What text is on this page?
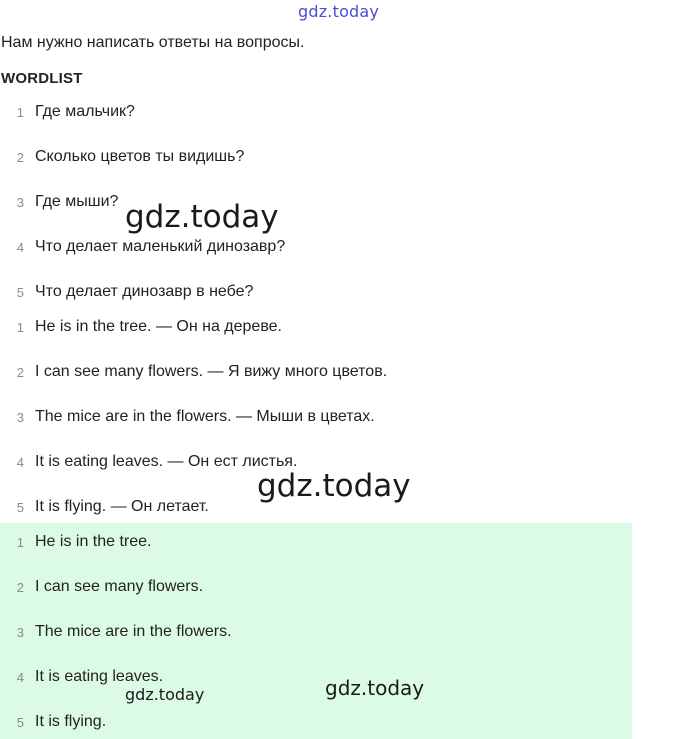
gdz.today
Нам нужно написать ответы на вопросы.
WORDLIST
1 Где мальчик?
2 Сколько цветов ты видишь?
3 Где мыши?
4 Что делает маленький динозавр?
5 Что делает динозавр в небе?
1 He is in the tree. — Он на дереве.
2 I can see many flowers. — Я вижу много цветов.
3 The mice are in the flowers. — Мыши в цветах.
4 It is eating leaves. — Он ест листья.
5 It is flying. — Он летает.
1 He is in the tree.
2 I can see many flowers.
3 The mice are in the flowers.
4 It is eating leaves.
5 It is flying.
gdz.today
gdz.today
gdz.today	gdz.today
